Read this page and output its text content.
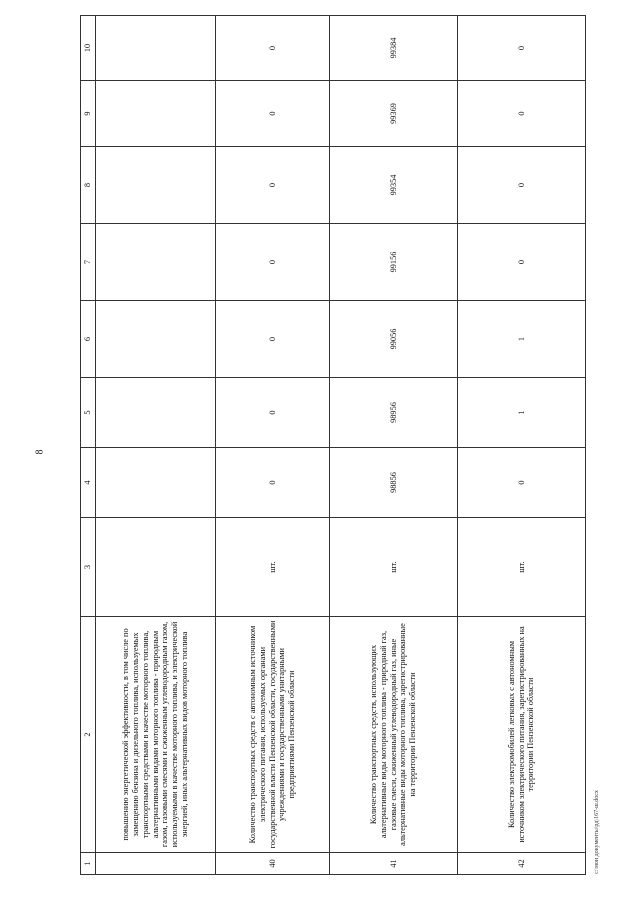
8
1	2	3	4	5	6	7	8	9	10
	повышению энергетической эффективности, в том числе по замещению бензина и дизельного топлива, используемых транспортными средствами в качестве моторного топлива, альтернативными видами моторного топлива - природным газом, газовыми смесями и сжиженным углеводородным газом, используемыми в качестве моторного топлива, и электрической энергией, иных альтернативных видов моторного топлива								
40	Количество транспортных средств с автономным источником электрического питания, используемых органами государственной власти Пензенской области, государственными учреждениями и государственными унитарными предприятиями Пензенской области	шт.	0	0	0	0	0	0	0
41	Количество транспортных средств, использующих альтернативные виды моторного топлива - природный газ, газовые смеси, сжиженный углеводородный газ, иные альтернативные виды моторного топлива, зарегистрированные на территории Пензенской области	шт.	98856	98956	99056	99156	99354	99369	99384
42	Количество электромобилей легковых с автономным источником электрического питания, зарегистрированных на территории Пензенской области	шт.	0	1	1	0	0	0	0
c:\мои документы\рд\167-ш.docx
